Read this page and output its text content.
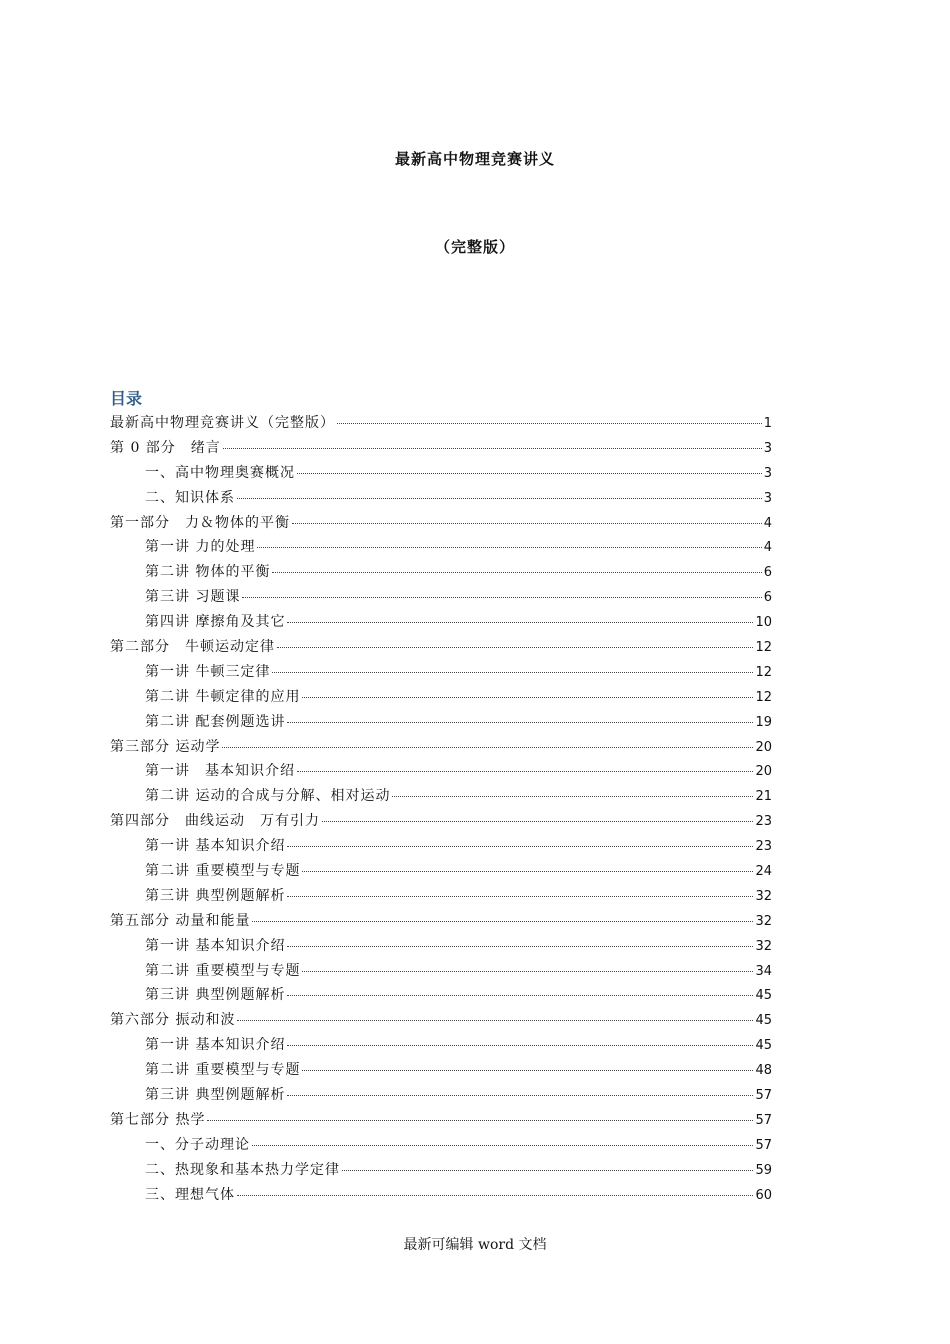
最新高中物理竞赛讲义
（完整版）
目录
最新高中物理竞赛讲义（完整版）	1
第 0 部分　绪言	3
一、高中物理奥赛概况	3
二、知识体系	3
第一部分　力＆物体的平衡	4
第一讲 力的处理	4
第二讲 物体的平衡	6
第三讲 习题课	6
第四讲 摩擦角及其它	10
第二部分　牛顿运动定律	12
第一讲 牛顿三定律	12
第二讲 牛顿定律的应用	12
第二讲 配套例题选讲	19
第三部分 运动学	20
第一讲　基本知识介绍	20
第二讲 运动的合成与分解、相对运动	21
第四部分　曲线运动　万有引力	23
第一讲 基本知识介绍	23
第二讲 重要模型与专题	24
第三讲 典型例题解析	32
第五部分 动量和能量	32
第一讲 基本知识介绍	32
第二讲 重要模型与专题	34
第三讲 典型例题解析	45
第六部分 振动和波	45
第一讲 基本知识介绍	45
第二讲 重要模型与专题	48
第三讲 典型例题解析	57
第七部分 热学	57
一、分子动理论	57
二、热现象和基本热力学定律	59
三、理想气体	60
最新可编辑 word 文档
